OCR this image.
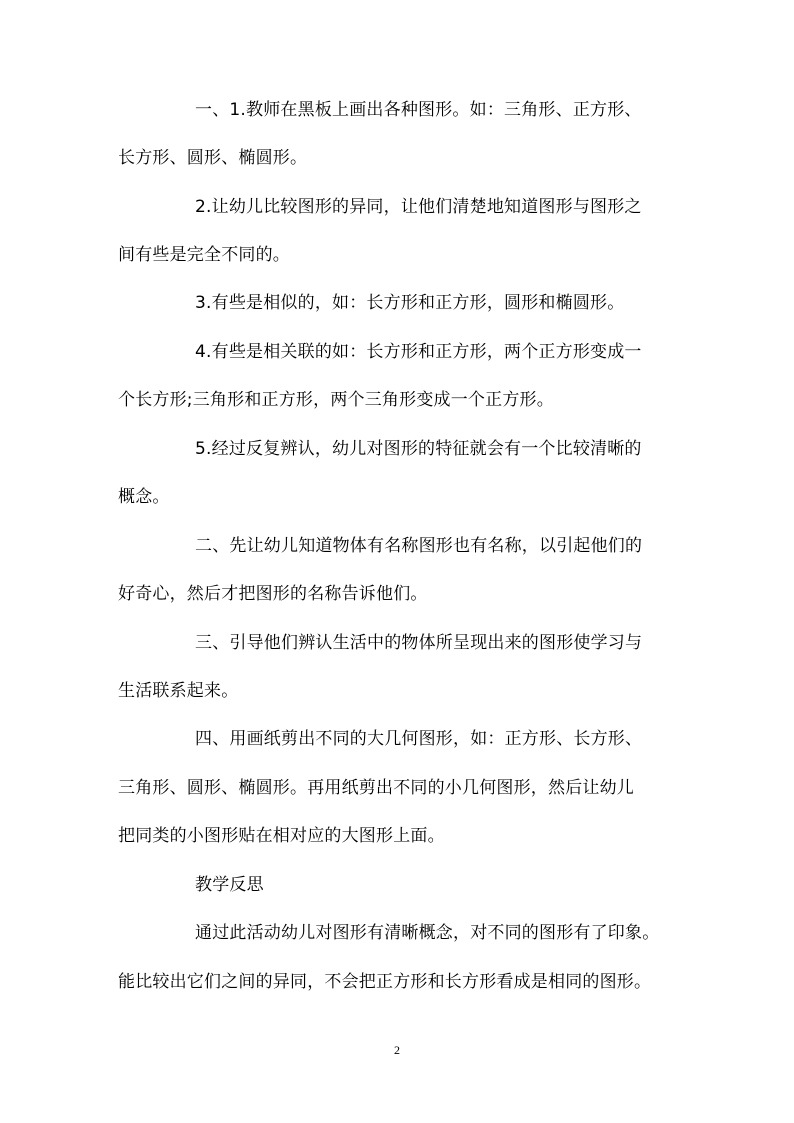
一、1.教师在黑板上画出各种图形。如：三角形、正方形、
长方形、圆形、椭圆形。
2.让幼儿比较图形的异同，让他们清楚地知道图形与图形之
间有些是完全不同的。
3.有些是相似的，如：长方形和正方形，圆形和椭圆形。
4.有些是相关联的如：长方形和正方形，两个正方形变成一
个长方形;三角形和正方形，两个三角形变成一个正方形。
5.经过反复辨认，幼儿对图形的特征就会有一个比较清晰的
概念。
二、先让幼儿知道物体有名称图形也有名称，以引起他们的
好奇心，然后才把图形的名称告诉他们。
三、引导他们辨认生活中的物体所呈现出来的图形使学习与
生活联系起来。
四、用画纸剪出不同的大几何图形，如：正方形、长方形、
三角形、圆形、椭圆形。再用纸剪出不同的小几何图形，然后让幼儿
把同类的小图形贴在相对应的大图形上面。
教学反思
通过此活动幼儿对图形有清晰概念，对不同的图形有了印象。
能比较出它们之间的异同，不会把正方形和长方形看成是相同的图形。
2
